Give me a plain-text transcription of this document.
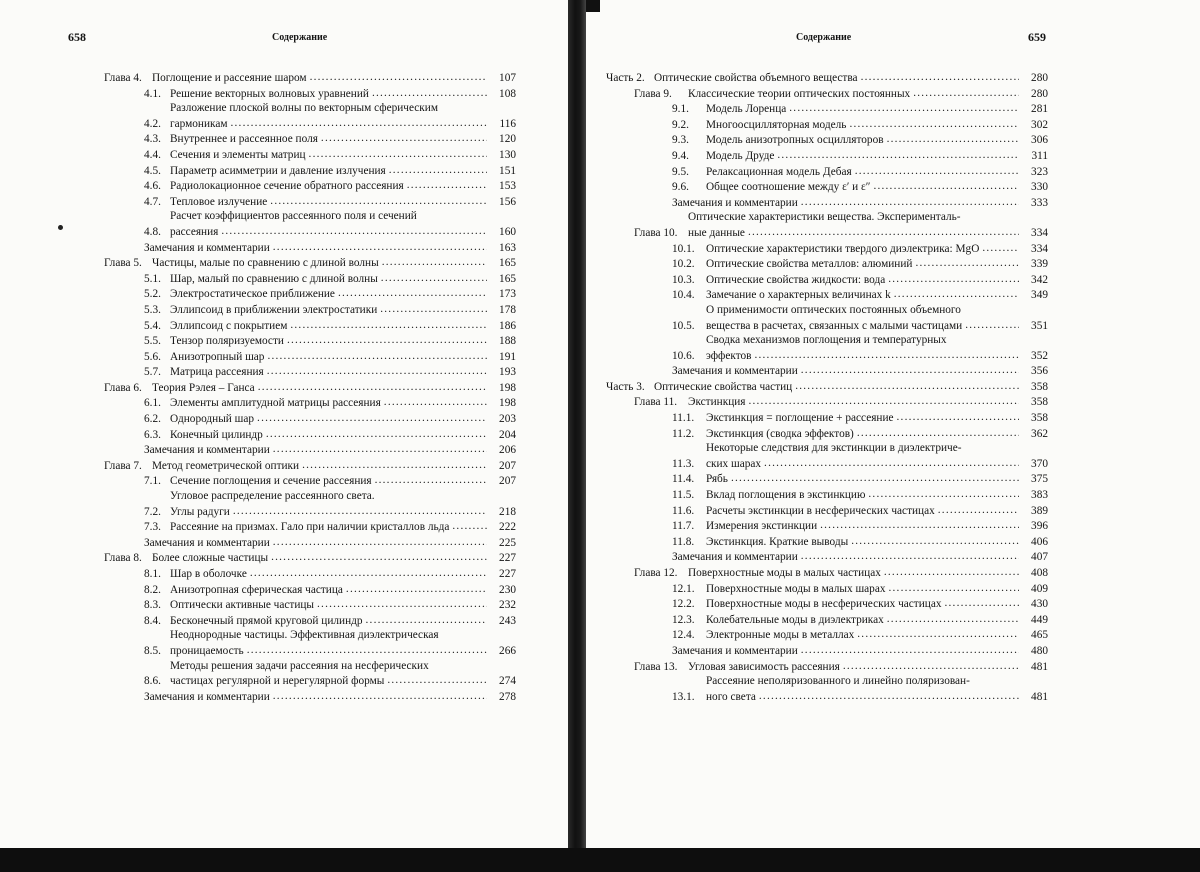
658	Содержание
Глава 4. Поглощение и рассеяние шаром .....	107
4.1. Решение векторных волновых уравнений .....	108
4.2.
Разложение плоской волны по векторным сферическим
гармоникам .....	116
4.3. Внутреннее и рассеянное поля .....	120
4.4. Сечения и элементы матриц .....	130
4.5. Параметр асимметрии и давление излучения .....	151
4.6. Радиолокационное сечение обратного рассеяния .....	153
4.7. Тепловое излучение .....	156
4.8.
Расчет коэффициентов рассеянного поля и сечений
рассеяния .....	160
Замечания и комментарии .....	163
Глава 5. Частицы, малые по сравнению с длиной волны .....	165
5.1. Шар, малый по сравнению с длиной волны .....	165
5.2. Электростатическое приближение .....	173
5.3. Эллипсоид в приближении электростатики .....	178
5.4. Эллипсоид с покрытием .....	186
5.5. Тензор поляризуемости .....	188
5.6. Анизотропный шар .....	191
5.7. Матрица рассеяния .....	193
Глава 6. Теория Рэлея – Ганса .....	198
6.1. Элементы амплитудной матрицы рассеяния .....	198
6.2. Однородный шар .....	203
6.3. Конечный цилиндр .....	204
Замечания и комментарии .....	206
Глава 7. Метод геометрической оптики .....	207
7.1. Сечение поглощения и сечение рассеяния .....	207
7.2.
Угловое распределение рассеянного света.
Углы радуги .....	218
7.3. Рассеяние на призмах. Гало при наличии кристаллов льда .....	222
Замечания и комментарии .....	225
Глава 8. Более сложные частицы .....	227
8.1. Шар в оболочке .....	227
8.2. Анизотропная сферическая частица .....	230
8.3. Оптически активные частицы .....	232
8.4. Бесконечный прямой круговой цилиндр .....	243
8.5.
Неоднородные частицы. Эффективная диэлектрическая
проницаемость .....	266
8.6.
Методы решения задачи рассеяния на несферических
частицах регулярной и нерегулярной формы .....	274
Замечания и комментарии .....	278
Содержание	659
Часть 2. Оптические свойства объемного вещества .....	280
Глава 9.	Классические теории оптических постоянных .....	280
9.1.	Модель Лоренца .....	281
9.2.	Многоосцилляторная модель .....	302
9.3.	Модель анизотропных осцилляторов .....	306
9.4.	Модель Друде .....	311
9.5.	Релаксационная модель Дебая .....	323
9.6.	Общее соотношение между ε′ и ε″ .....	330
Замечания и комментарии .....	333
Глава 10.
Оптические характеристики вещества. Эксперименталь-
ные данные .....	334
10.1.	Оптические характеристики твердого диэлектрика: MgO .....	334
10.2.	Оптические свойства металлов: алюминий .....	339
10.3.	Оптические свойства жидкости: вода .....	342
10.4.	Замечание о характерных величинах k .....	349
10.5.
О применимости оптических постоянных объемного
вещества в расчетах, связанных с малыми частицами .....	351
10.6.
Сводка механизмов поглощения и температурных
эффектов .....	352
Замечания и комментарии .....	356
Часть 3. Оптические свойства частиц .....	358
Глава 11. Экстинкция .....	358
11.1.	Экстинкция = поглощение + рассеяние .....	358
11.2.	Экстинкция (сводка эффектов) .....	362
11.3.
Некоторые следствия для экстинкции в диэлектриче-
ских шарах .....	370
11.4.	Рябь .....	375
11.5.	Вклад поглощения в экстинкцию .....	383
11.6.	Расчеты экстинкции в несферических частицах .....	389
11.7.	Измерения экстинкции .....	396
11.8.	Экстинкция. Краткие выводы .....	406
Замечания и комментарии .....	407
Глава 12. Поверхностные моды в малых частицах .....	408
12.1.	Поверхностные моды в малых шарах .....	409
12.2.	Поверхностные моды в несферических частицах .....	430
12.3.	Колебательные моды в диэлектриках .....	449
12.4.	Электронные моды в металлах .....	465
Замечания и комментарии .....	480
Глава 13. Угловая зависимость рассеяния .....	481
13.1.
Рассеяние неполяризованного и линейно поляризован-
ного света .....	481
